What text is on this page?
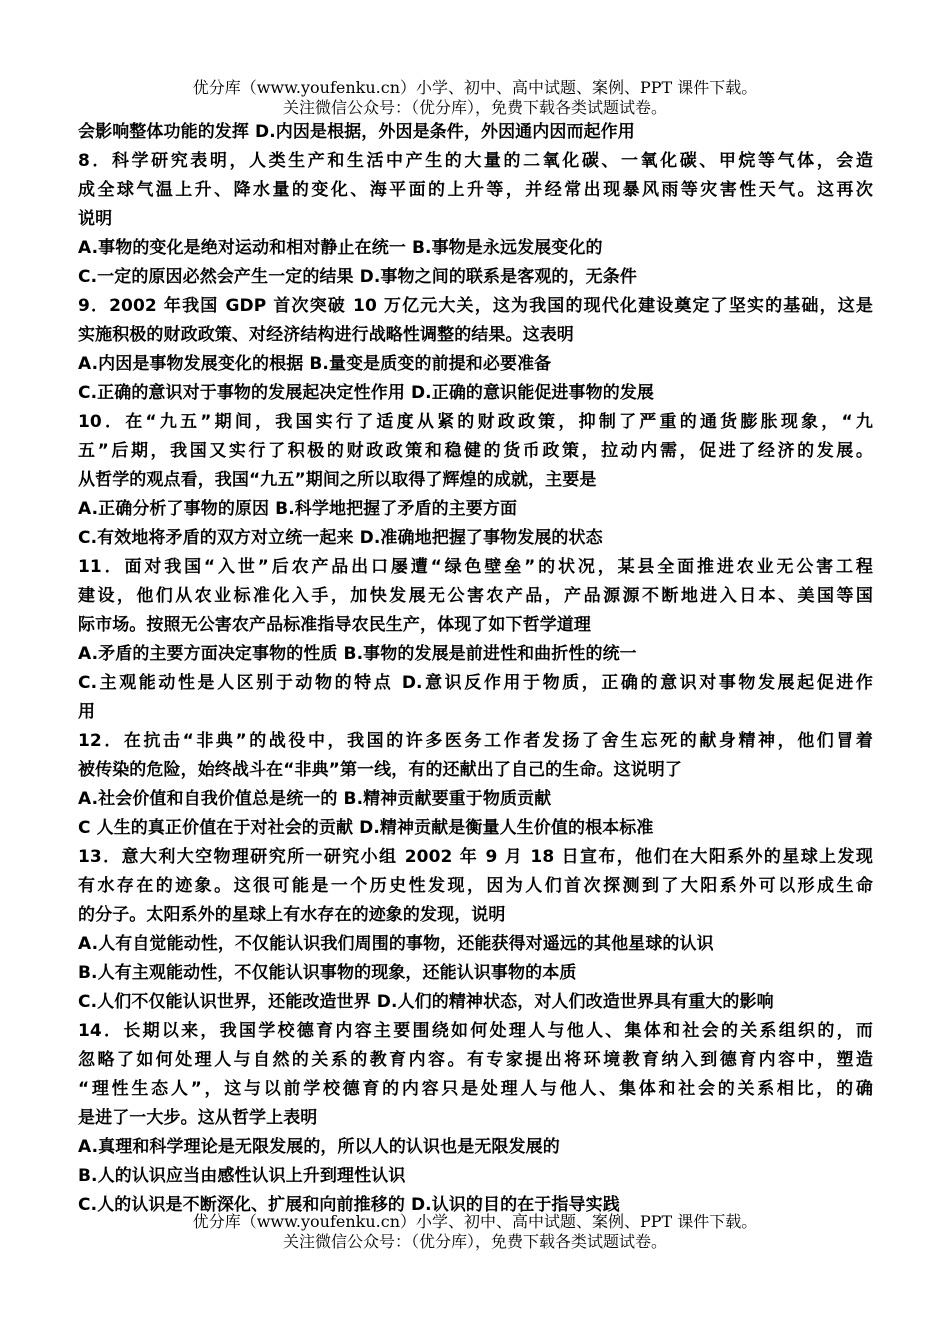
优分库（www.youfenku.cn）小学、初中、高中试题、案例、PPT 课件下载。
关注微信公众号：（优分库），免费下载各类试题试卷。
会影响整体功能的发挥 D.内因是根据，外因是条件，外因通内因而起作用
8．科学研究表明，人类生产和生活中产生的大量的二氧化碳、一氧化碳、甲烷等气体，会造
成全球气温上升、降水量的变化、海平面的上升等，并经常出现暴风雨等灾害性天气。这再次
说明
A.事物的变化是绝对运动和相对静止在统一 B.事物是永远发展变化的
C.一定的原因必然会产生一定的结果 D.事物之间的联系是客观的，无条件
9．2002 年我国 GDP 首次突破 10 万亿元大关，这为我国的现代化建设奠定了坚实的基础，这是
实施积极的财政政策、对经济结构进行战略性调整的结果。这表明
A.内因是事物发展变化的根据 B.量变是质变的前提和必要准备
C.正确的意识对于事物的发展起决定性作用 D.正确的意识能促进事物的发展
10．在“九五”期间，我国实行了适度从紧的财政政策，抑制了严重的通货膨胀现象，“九
五”后期，我国又实行了积极的财政政策和稳健的货币政策，拉动内需，促进了经济的发展。
从哲学的观点看，我国“九五”期间之所以取得了辉煌的成就，主要是
A.正确分析了事物的原因 B.科学地把握了矛盾的主要方面
C.有效地将矛盾的双方对立统一起来 D.准确地把握了事物发展的状态
11．面对我国“入世”后农产品出口屡遭“绿色壁垒”的状况，某县全面推进农业无公害工程
建设，他们从农业标准化入手，加快发展无公害农产品，产品源源不断地进入日本、美国等国
际市场。按照无公害农产品标准指导农民生产，体现了如下哲学道理
A.矛盾的主要方面决定事物的性质 B.事物的发展是前进性和曲折性的统一
C.主观能动性是人区别于动物的特点 D.意识反作用于物质，正确的意识对事物发展起促进作
用
12．在抗击“非典”的战役中，我国的许多医务工作者发扬了舍生忘死的献身精神，他们冒着
被传染的危险，始终战斗在“非典”第一线，有的还献出了自己的生命。这说明了
A.社会价值和自我价值总是统一的 B.精神贡献要重于物质贡献
C 人生的真正价值在于对社会的贡献 D.精神贡献是衡量人生价值的根本标准
13．意大利大空物理研究所一研究小组 2002 年 9 月 18 日宣布，他们在大阳系外的星球上发现
有水存在的迹象。这很可能是一个历史性发现，因为人们首次探测到了大阳系外可以形成生命
的分子。太阳系外的星球上有水存在的迹象的发现，说明
A.人有自觉能动性，不仅能认识我们周围的事物，还能获得对遥远的其他星球的认识
B.人有主观能动性，不仅能认识事物的现象，还能认识事物的本质
C.人们不仅能认识世界，还能改造世界 D.人们的精神状态，对人们改造世界具有重大的影响
14．长期以来，我国学校德育内容主要围绕如何处理人与他人、集体和社会的关系组织的，而
忽略了如何处理人与自然的关系的教育内容。有专家提出将环境教育纳入到德育内容中，塑造
“理性生态人”，这与以前学校德育的内容只是处理人与他人、集体和社会的关系相比，的确
是进了一大步。这从哲学上表明
A.真理和科学理论是无限发展的，所以人的认识也是无限发展的
B.人的认识应当由感性认识上升到理性认识
C.人的认识是不断深化、扩展和向前推移的 D.认识的目的在于指导实践
优分库（www.youfenku.cn）小学、初中、高中试题、案例、PPT 课件下载。
关注微信公众号：（优分库），免费下载各类试题试卷。
